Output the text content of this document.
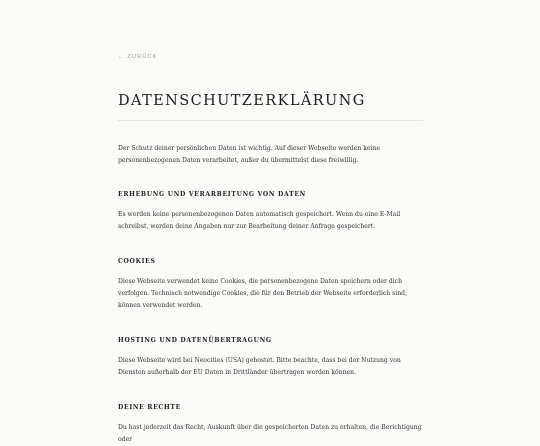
← ZURÜCK
DATENSCHUTZERKLÄRUNG

Der Schutz deiner persönlichen Daten ist wichtig. Auf dieser Webseite werden keine personenbezogenen Daten verarbeitet, außer du übermittelst diese freiwillig.

ERHEBUNG UND VERARBEITUNG VON DATEN

Es werden keine personenbezogenen Daten automatisch gespeichert. Wenn du eine E-Mail schreibst, werden deine Angaben nur zur Bearbeitung deiner Anfrage gespeichert.

COOKIES

Diese Webseite verwendet keine Cookies, die personenbezogene Daten speichern oder dich verfolgen. Technisch notwendige Cookies, die für den Betrieb der Webseite erforderlich sind, können verwendet werden.

HOSTING UND DATENÜBERTRAGUNG

Diese Webseite wird bei Neocities (USA) gehostet. Bitte beachte, dass bei der Nutzung von Diensten außerhalb der EU Daten in Drittländer übertragen werden können.

DEINE RECHTE

Du hast jederzeit das Recht, Auskunft über die gespeicherten Daten zu erhalten, die Berichtigung oder
